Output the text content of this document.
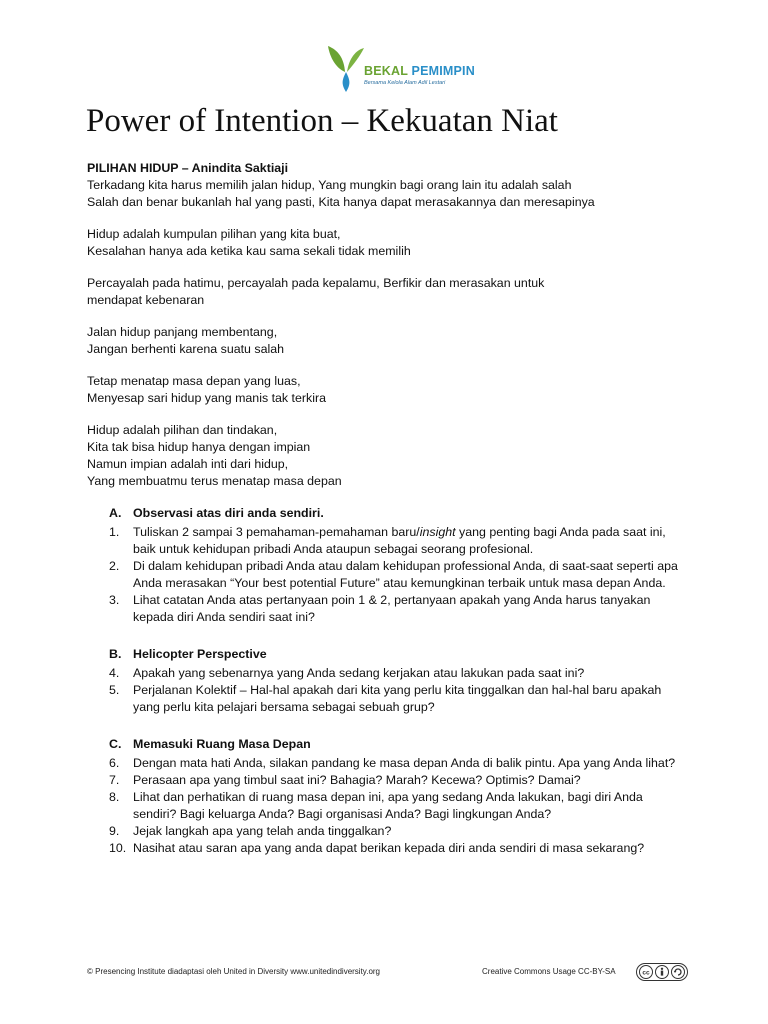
BEKAL PEMIMPIN
Bersama Kelola Alam Adil Lestari
Power of Intention – Kekuatan Niat

PILIHAN HIDUP – Anindita Saktiaji

Terkadang kita harus memilih jalan hidup, Yang mungkin bagi orang lain itu adalah salah
Salah dan benar bukanlah hal yang pasti, Kita hanya dapat merasakannya dan meresapinya

Hidup adalah kumpulan pilihan yang kita buat,
Kesalahan hanya ada ketika kau sama sekali tidak memilih

Percayalah pada hatimu, percayalah pada kepalamu, Berfikir dan merasakan untuk
mendapat kebenaran

Jalan hidup panjang membentang,
Jangan berhenti karena suatu salah

Tetap menatap masa depan yang luas,
Menyesap sari hidup yang manis tak terkira

Hidup adalah pilihan dan tindakan,
Kita tak bisa hidup hanya dengan impian
Namun impian adalah inti dari hidup,
Yang membuatmu terus menatap masa depan

A. Observasi atas diri anda sendiri.
1. Tuliskan 2 sampai 3 pemahaman-pemahaman baru/insight yang penting bagi Anda pada saat ini, baik untuk kehidupan pribadi Anda ataupun sebagai seorang profesional.
2. Di dalam kehidupan pribadi Anda atau dalam kehidupan professional Anda, di saat-saat seperti apa Anda merasakan “Your best potential Future” atau kemungkinan terbaik untuk masa depan Anda.
3. Lihat catatan Anda atas pertanyaan poin 1 & 2, pertanyaan apakah yang Anda harus tanyakan kepada diri Anda sendiri saat ini?
B. Helicopter Perspective
4. Apakah yang sebenarnya yang Anda sedang kerjakan atau lakukan pada saat ini?
5. Perjalanan Kolektif – Hal-hal apakah dari kita yang perlu kita tinggalkan dan hal-hal baru apakah yang perlu kita pelajari bersama sebagai sebuah grup?
C. Memasuki Ruang Masa Depan
6. Dengan mata hati Anda, silakan pandang ke masa depan Anda di balik pintu. Apa yang Anda lihat?
7. Perasaan apa yang timbul saat ini? Bahagia? Marah? Kecewa? Optimis? Damai?
8. Lihat dan perhatikan di ruang masa depan ini, apa yang sedang Anda lakukan, bagi diri Anda sendiri? Bagi keluarga Anda? Bagi organisasi Anda? Bagi lingkungan Anda?
9. Jejak langkah apa yang telah anda tinggalkan?
10. Nasihat atau saran apa yang anda dapat berikan kepada diri anda sendiri di masa sekarang?
© Presencing Institute diadaptasi oleh United in Diversity www.unitedindiversity.org	Creative Commons Usage CC-BY-SA	cc
